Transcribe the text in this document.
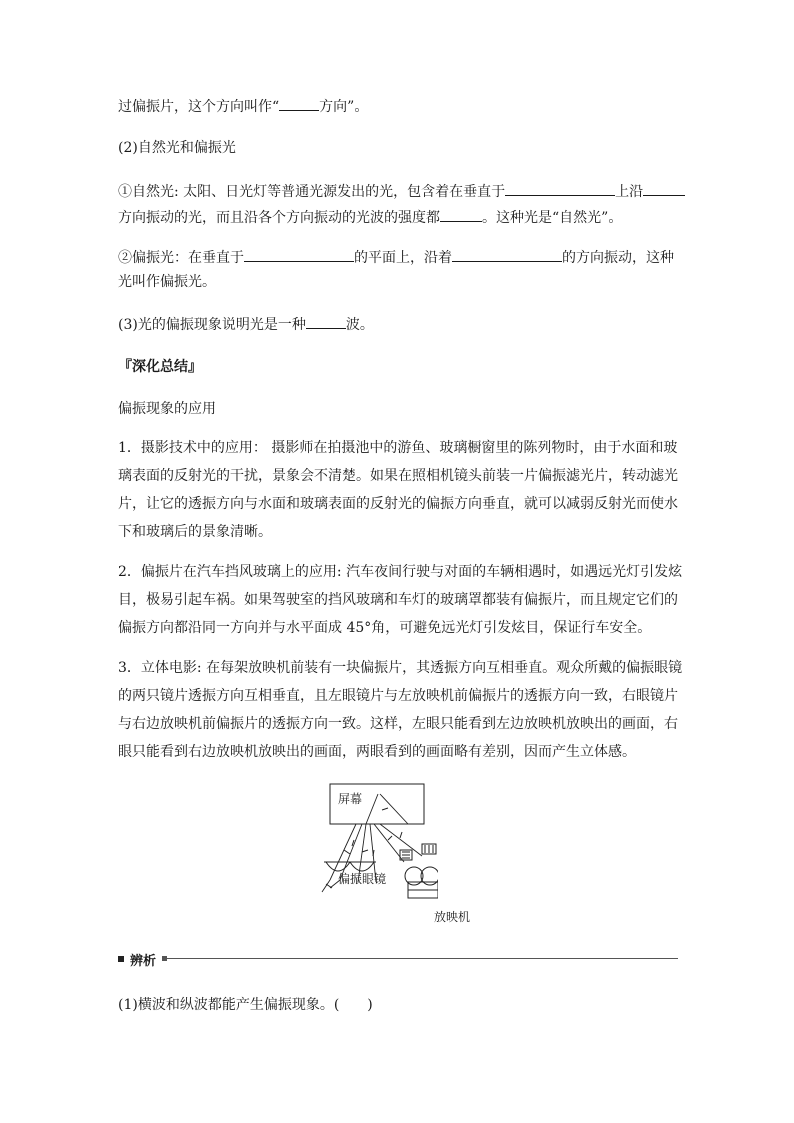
过偏振片，这个方向叫作“	方向”。
(2)自然光和偏振光
①自然光: 太阳、日光灯等普通光源发出的光，包含着在垂直于	上沿
方向振动的光，而且沿各个方向振动的光波的强度都	。这种光是“自然光”。
②偏振光：在垂直于	的平面上，沿着	的方向振动，这种
光叫作偏振光。
(3)光的偏振现象说明光是一种	波。
『深化总结』
偏振现象的应用
1．摄影技术中的应用： 摄影师在拍摄池中的游鱼、玻璃橱窗里的陈列物时，由于水面和玻
璃表面的反射光的干扰，景象会不清楚。如果在照相机镜头前装一片偏振滤光片，转动滤光
片，让它的透振方向与水面和玻璃表面的反射光的偏振方向垂直，就可以减弱反射光而使水
下和玻璃后的景象清晰。
2．偏振片在汽车挡风玻璃上的应用: 汽车夜间行驶与对面的车辆相遇时，如遇远光灯引发炫
目，极易引起车祸。如果驾驶室的挡风玻璃和车灯的玻璃罩都装有偏振片，而且规定它们的
偏振方向都沿同一方向并与水平面成 45°角，可避免远光灯引发炫目，保证行车安全。
3．立体电影: 在每架放映机前装有一块偏振片，其透振方向互相垂直。观众所戴的偏振眼镜
的两只镜片透振方向互相垂直，且左眼镜片与左放映机前偏振片的透振方向一致，右眼镜片
与右边放映机前偏振片的透振方向一致。这样，左眼只能看到左边放映机放映出的画面，右
眼只能看到右边放映机放映出的画面，两眼看到的画面略有差别，因而产生立体感。
屏幕
偏振眼镜
放映机
辨析
(1)横波和纵波都能产生偏振现象。(　　)
